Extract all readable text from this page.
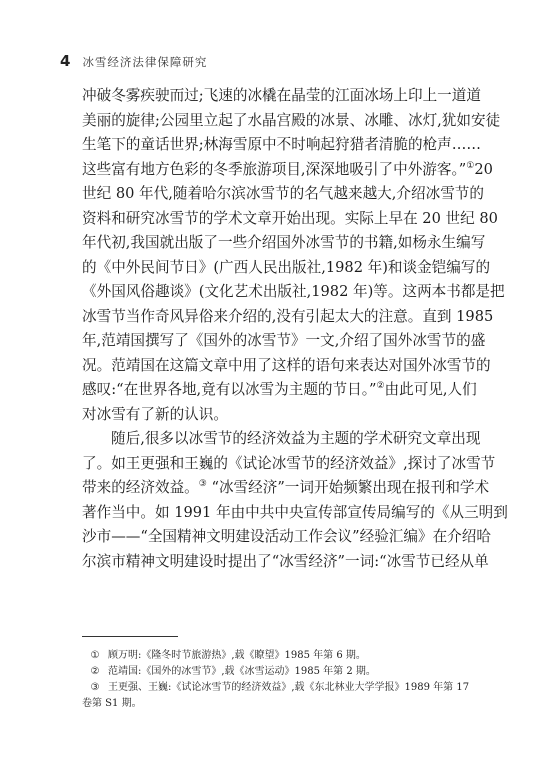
4 冰雪经济法律保障研究
冲破冬雾疾驶而过;飞速的冰橇在晶莹的江面冰场上印上一道道
美丽的旋律;公园里立起了水晶宫殿的冰景、冰雕、冰灯,犹如安徒
生笔下的童话世界;林海雪原中不时响起狩猎者清脆的枪声……
这些富有地方色彩的冬季旅游项目,深深地吸引了中外游客。”①20
世纪 80 年代,随着哈尔滨冰雪节的名气越来越大,介绍冰雪节的
资料和研究冰雪节的学术文章开始出现。实际上早在 20 世纪 80
年代初,我国就出版了一些介绍国外冰雪节的书籍,如杨永生编写
的《中外民间节日》(广西人民出版社,1982 年)和谈金铠编写的
《外国风俗趣谈》(文化艺术出版社,1982 年)等。这两本书都是把
冰雪节当作奇风异俗来介绍的,没有引起太大的注意。直到 1985
年,范靖国撰写了《国外的冰雪节》一文,介绍了国外冰雪节的盛
况。范靖国在这篇文章中用了这样的语句来表达对国外冰雪节的
感叹:“在世界各地,竟有以冰雪为主题的节日。”②由此可见,人们
对冰雪有了新的认识。
随后,很多以冰雪节的经济效益为主题的学术研究文章出现
了。如王更强和王巍的《试论冰雪节的经济效益》,探讨了冰雪节
带来的经济效益。③ “冰雪经济”一词开始频繁出现在报刊和学术
著作当中。如 1991 年由中共中央宣传部宣传局编写的《从三明到
沙市——“全国精神文明建设活动工作会议”经验汇编》在介绍哈
尔滨市精神文明建设时提出了“冰雪经济”一词:“冰雪节已经从单
① 顾万明:《隆冬时节旅游热》,载《瞭望》1985 年第 6 期。
② 范靖国:《国外的冰雪节》,载《冰雪运动》1985 年第 2 期。
③ 王更强、王巍:《试论冰雪节的经济效益》,载《东北林业大学学报》1989 年第 17
卷第 S1 期。
